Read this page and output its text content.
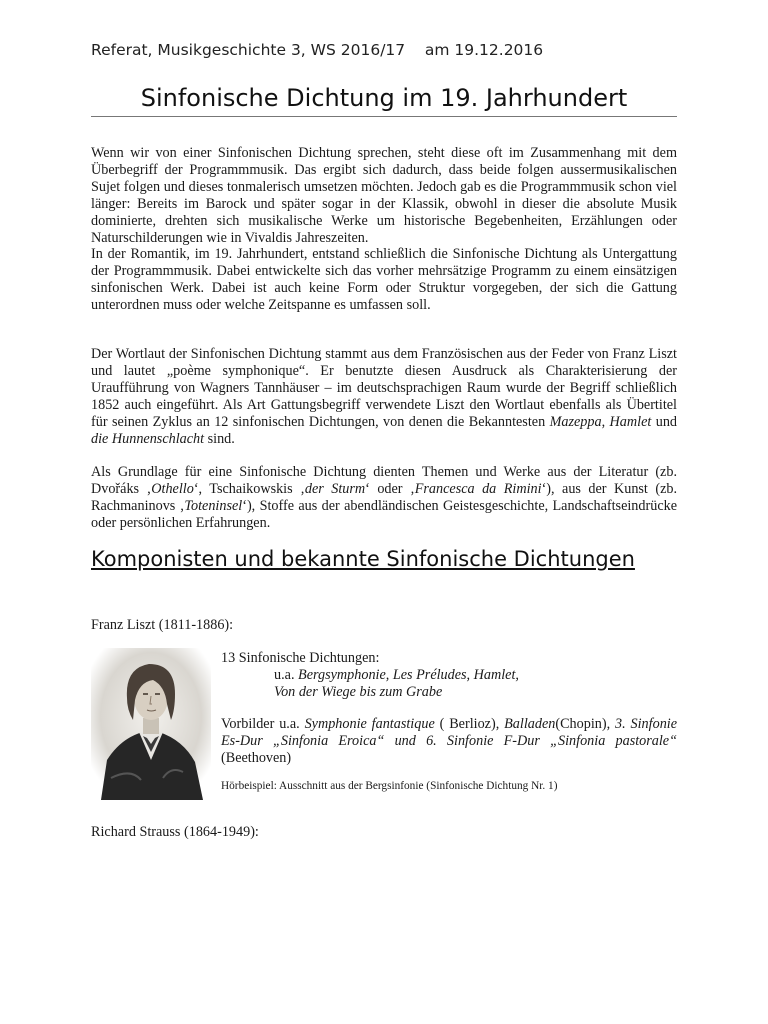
Referat, Musikgeschichte 3, WS 2016/17 am 19.12.2016
Sinfonische Dichtung im 19. Jahrhundert
Wenn wir von einer Sinfonischen Dichtung sprechen, steht diese oft im Zusammenhang mit dem Überbegriff der Programmmusik. Das ergibt sich dadurch, dass beide folgen aussermusikalischen Sujet folgen und dieses tonmalerisch umsetzen möchten. Jedoch gab es die Programmmusik schon viel länger: Bereits im Barock und später sogar in der Klassik, obwohl in dieser die absolute Musik dominierte, drehten sich musikalische Werke um historische Begebenheiten, Erzählungen oder Naturschilderungen wie in Vivaldis Jahreszeiten.
In der Romantik, im 19. Jahrhundert, entstand schließlich die Sinfonische Dichtung als Untergattung der Programmmusik. Dabei entwickelte sich das vorher mehrsätzige Programm zu einem einsätzigen sinfonischen Werk. Dabei ist auch keine Form oder Struktur vorgegeben, der sich die Gattung unterordnen muss oder welche Zeitspanne es umfassen soll.
Der Wortlaut der Sinfonischen Dichtung stammt aus dem Französischen aus der Feder von Franz Liszt und lautet „poème symphonique“. Er benutzte diesen Ausdruck als Charakterisierung der Uraufführung von Wagners Tannhäuser – im deutschsprachigen Raum wurde der Begriff schließlich 1852 auch eingeführt. Als Art Gattungsbegriff verwendete Liszt den Wortlaut ebenfalls als Übertitel für seinen Zyklus an 12 sinfonischen Dichtungen, von denen die Bekanntesten Mazeppa, Hamlet und die Hunnenschlacht sind.
Als Grundlage für eine Sinfonische Dichtung dienten Themen und Werke aus der Literatur (zb. Dvořáks ‚Othello‘, Tschaikowskis ‚der Sturm‘ oder ‚Francesca da Rimini‘), aus der Kunst (zb. Rachmaninovs ‚Toteninsel‘), Stoffe aus der abendländischen Geistesgeschichte, Landschaftseindrücke oder persönlichen Erfahrungen.
Komponisten und bekannte Sinfonische Dichtungen
Franz Liszt (1811-1886):
13 Sinfonische Dichtungen:
u.a. Bergsymphonie, Les Préludes, Hamlet,
Von der Wiege bis zum Grabe
Vorbilder u.a. Symphonie fantastique ( Berlioz), Balladen(Chopin), 3. Sinfonie Es-Dur „Sinfonia Eroica“ und 6. Sinfonie F-Dur „Sinfonia pastorale“ (Beethoven)
Hörbeispiel: Ausschnitt aus der Bergsinfonie (Sinfonische Dichtung Nr. 1)
Richard Strauss (1864-1949):
